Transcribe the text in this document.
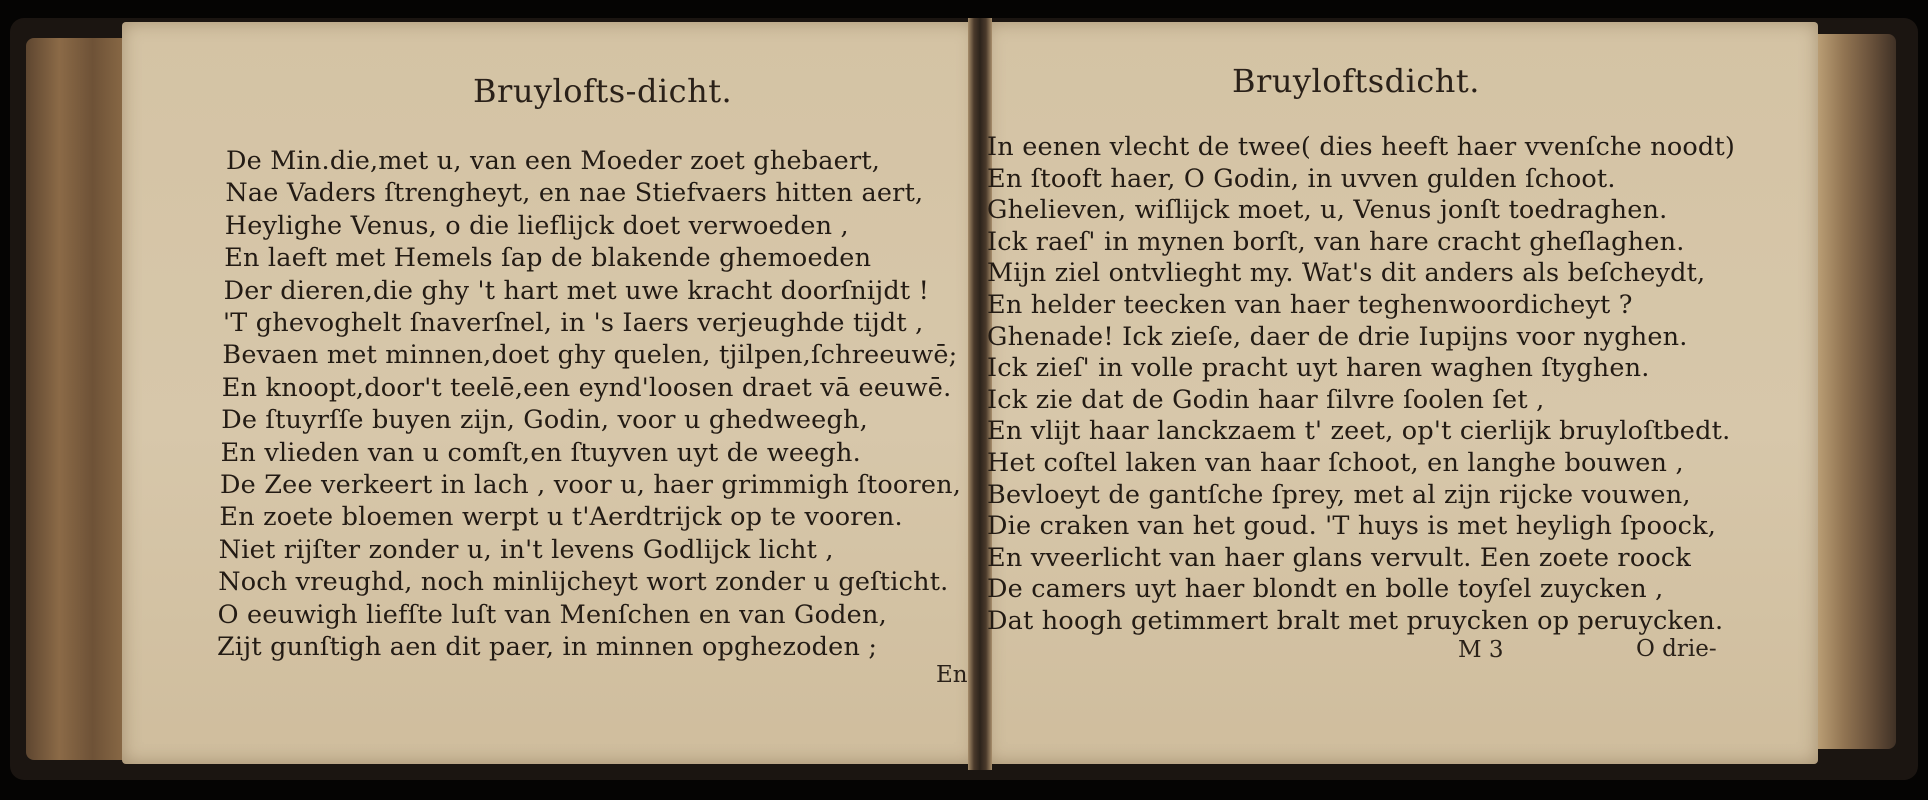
Bruylofts-dicht.
De Min.die,met u, van een Moeder zoet ghebaert,
Nae Vaders ſtrengheyt, en nae Stiefvaers hitten aert,
Heylighe Venus, o die lieflijck doet verwoeden ,
En laeft met Hemels ſap de blakende ghemoeden
Der dieren,die ghy 't hart met uwe kracht doorſnijdt !
'T ghevoghelt ſnaverſnel, in 's Iaers verjeughde tijdt ,
Bevaen met minnen,doet ghy quelen, tjilpen,ſchreeuwē;
En knoopt,door't teelē,een eynd'loosen draet vā eeuwē.
De ſtuyrſſe buyen zijn, Godin, voor u ghedweegh,
En vlieden van u comſt,en ſtuyven uyt de weegh.
De Zee verkeert in lach , voor u, haer grimmigh ſtooren,
En zoete bloemen werpt u t'Aerdtrijck op te vooren.
Niet rijſter zonder u, in't levens Godlijck licht ,
Noch vreughd, noch minlijcheyt wort zonder u geſticht.
O eeuwigh liefſte luſt van Menſchen en van Goden,
Zijt gunſtigh aen dit paer, in minnen opghezoden ;
En
Bruyloftsdicht.
In eenen vlecht de twee( dies heeft haer vvenſche noodt)
En ſtooft haer, O Godin, in uvven gulden ſchoot.
Ghelieven, wiſlijck moet, u, Venus jonſt toedraghen.
Ick raeſ' in mynen borſt, van hare cracht gheſlaghen.
Mijn ziel ontvlieght my. Wat's dit anders als beſcheydt,
En helder teecken van haer teghenwoordicheyt ?
Ghenade! Ick zieſe, daer de drie Iupijns voor nyghen.
Ick zieſ' in volle pracht uyt haren waghen ſtyghen.
Ick zie dat de Godin haar ſilvre ſoolen ſet ,
En vlijt haar lanckzaem t' zeet, op't cierlijk bruyloſtbedt.
Het coſtel laken van haar ſchoot, en langhe bouwen ,
Bevloeyt de gantſche ſprey, met al zijn rijcke vouwen,
Die craken van het goud. 'T huys is met heyligh ſpoock,
En vveerlicht van haer glans vervult. Een zoete roock
De camers uyt haer blondt en bolle toyſel zuycken ,
Dat hoogh getimmert bralt met pruycken op peruycken.
M 3	O drie-
